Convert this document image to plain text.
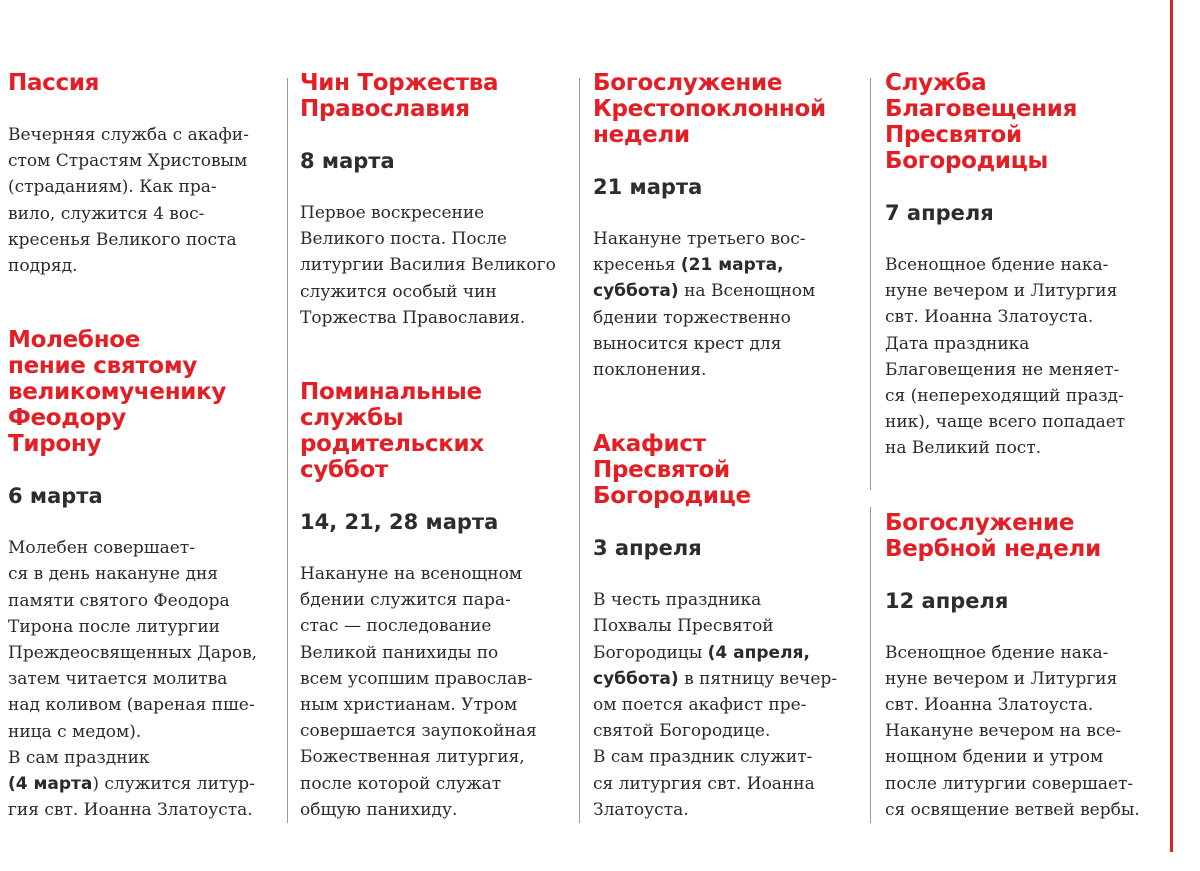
Пассия

Вечерняя служба с акафи-
стом Страстям Христовым
(страданиям). Как пра-
вило, служится 4 вос-
кресенья Великого поста
подряд.

Молебное
пение святому
великомученику
Феодору
Тирону
6 марта

Молебен совершает-
ся в день накануне дня
памяти святого Феодора
Тирона после литургии
Преждеосвященных Даров,
затем читается молитва
над коливом (вареная пше-
ница с медом).
В сам праздник
(4 марта) служится литур-
гия свт. Иоанна Златоуста.

Чин Торжества
Православия
8 марта

Первое воскресение
Великого поста. После
литургии Василия Великого
служится особый чин
Торжества Православия.

Поминальные
службы
родительских
суббот
14, 21, 28 марта

Накануне на всенощном
бдении служится пара-
стас — последование
Великой панихиды по
всем усопшим православ-
ным христианам. Утром
совершается заупокойная
Божественная литургия,
после которой служат
общую панихиду.

Богослужение
Крестопоклонной
недели
21 марта

Накануне третьего вос-
кресенья (21 марта,
суббота) на Всенощном
бдении торжественно
выносится крест для
поклонения.

Акафист
Пресвятой
Богородице
3 апреля

В честь праздника
Похвалы Пресвятой
Богородицы (4 апреля,
суббота) в пятницу вечер-
ом поется акафист пре-
святой Богородице.
В сам праздник служит-
ся литургия свт. Иоанна
Златоуста.

Служба
Благовещения
Пресвятой
Богородицы
7 апреля

Всенощное бдение нака-
нуне вечером и Литургия
свт. Иоанна Златоуста.
Дата праздника
Благовещения не меняет-
ся (непереходящий празд-
ник), чаще всего попадает
на Великий пост.

Богослужение
Вербной недели
12 апреля

Всенощное бдение нака-
нуне вечером и Литургия
свт. Иоанна Златоуста.
Накануне вечером на все-
нощном бдении и утром
после литургии совершает-
ся освящение ветвей вербы.
